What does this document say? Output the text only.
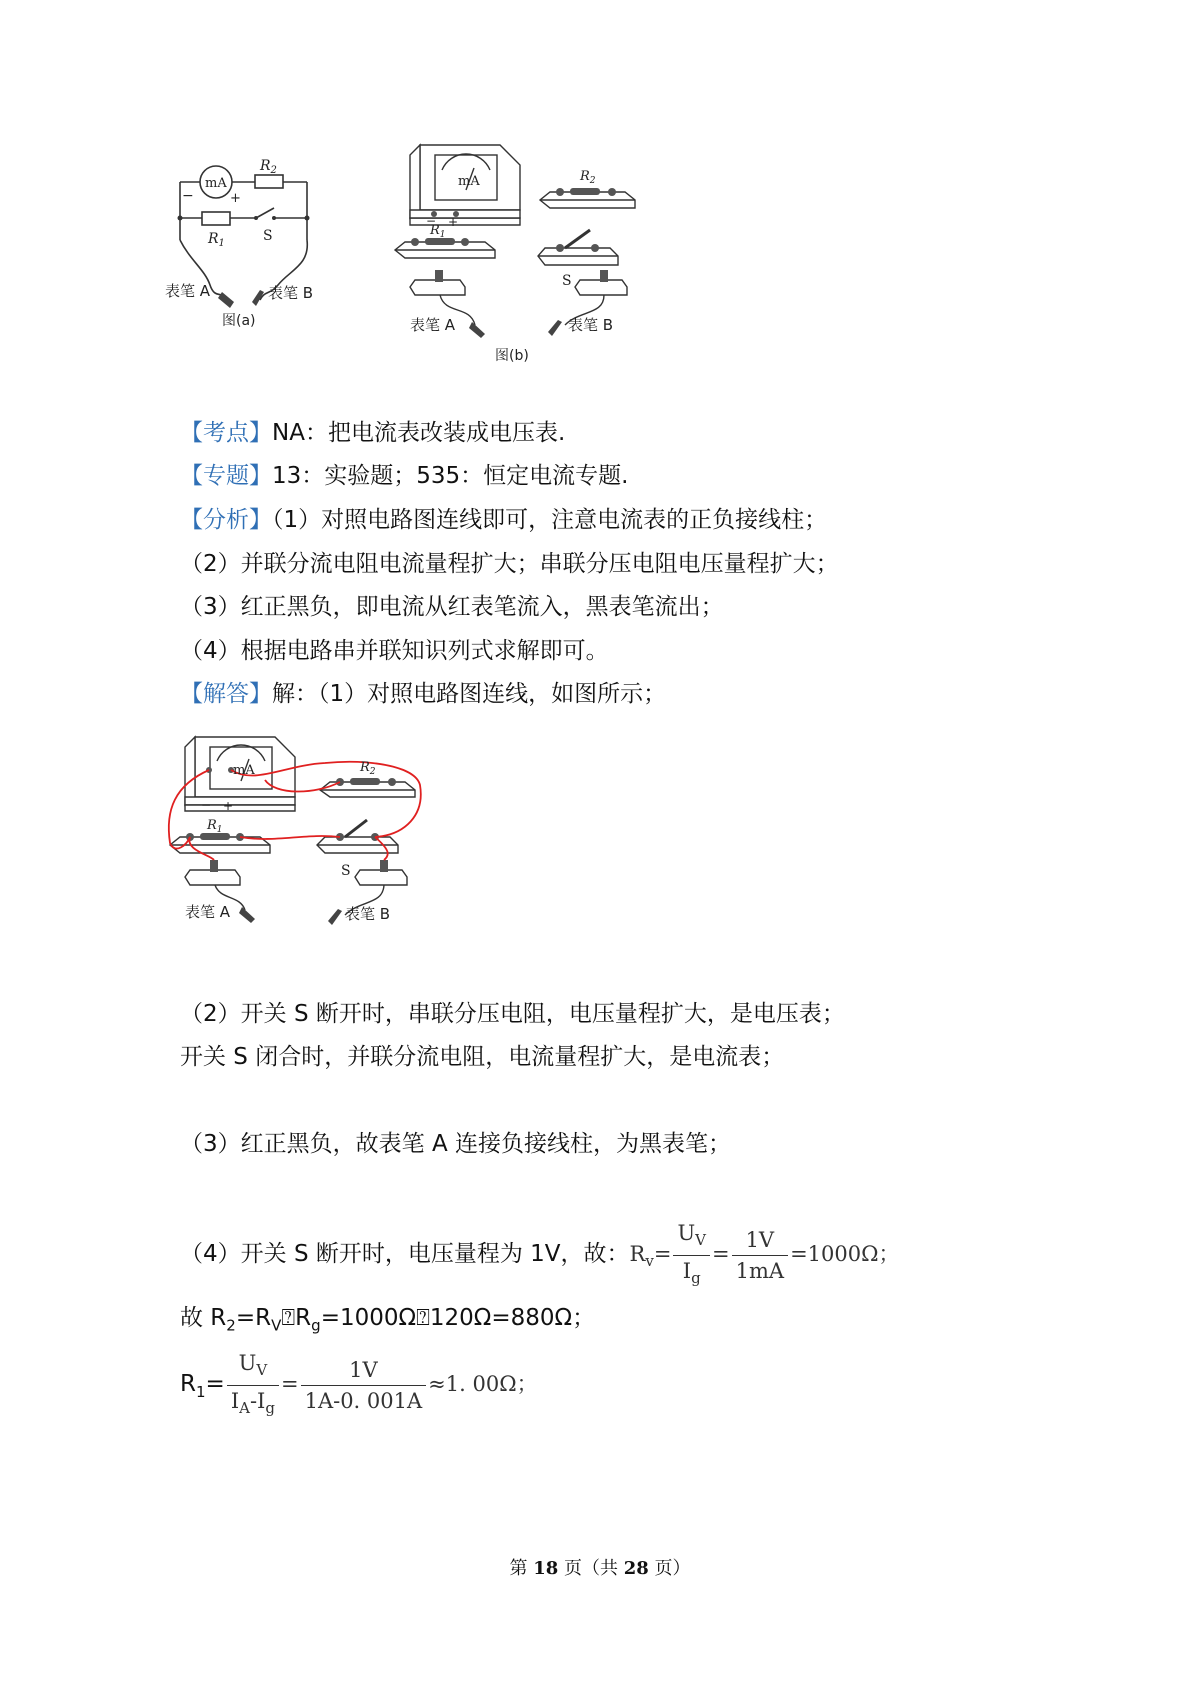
mA
−	+
$R_2$
$R_1$	S
表笔 A	表笔 B
图(a)
mA
− +
$R_2$
$R_1$
S
表笔 A	表笔 B
图(b)
【考点】NA：把电流表改装成电压表.
【专题】13：实验题；535：恒定电流专题.
【分析】（1）对照电路图连线即可，注意电流表的正负接线柱；
（2）并联分流电阻电流量程扩大；串联分压电阻电压量程扩大；
（3）红正黑负，即电流从红表笔流入，黑表笔流出；
（4）根据电路串并联知识列式求解即可。
【解答】解：（1）对照电路图连线，如图所示；
mA
− +
$R_2$
$R_1$
S
表笔 A	表笔 B
（2）开关 S 断开时，串联分压电阻，电压量程扩大，是电压表；
开关 S 闭合时，并联分流电阻，电流量程扩大，是电流表；
（3）红正黑负，故表笔 A 连接负接线柱，为黑表笔；
（4）开关 S 断开时，电压量程为 1V，故：$R_v= \frac{U_V}{I_g} = \frac{1V}{1mA} =1000\Omega$；
故 $R_2=R_V⍰R_g=1000\Omega⍰120\Omega=880\Omega$；
$R_1= \frac{U_V}{I_A-I_g} = \frac{1V}{1A-0. 001A} \approx 1$. 00Ω；
第 18 页（共 28 页）
